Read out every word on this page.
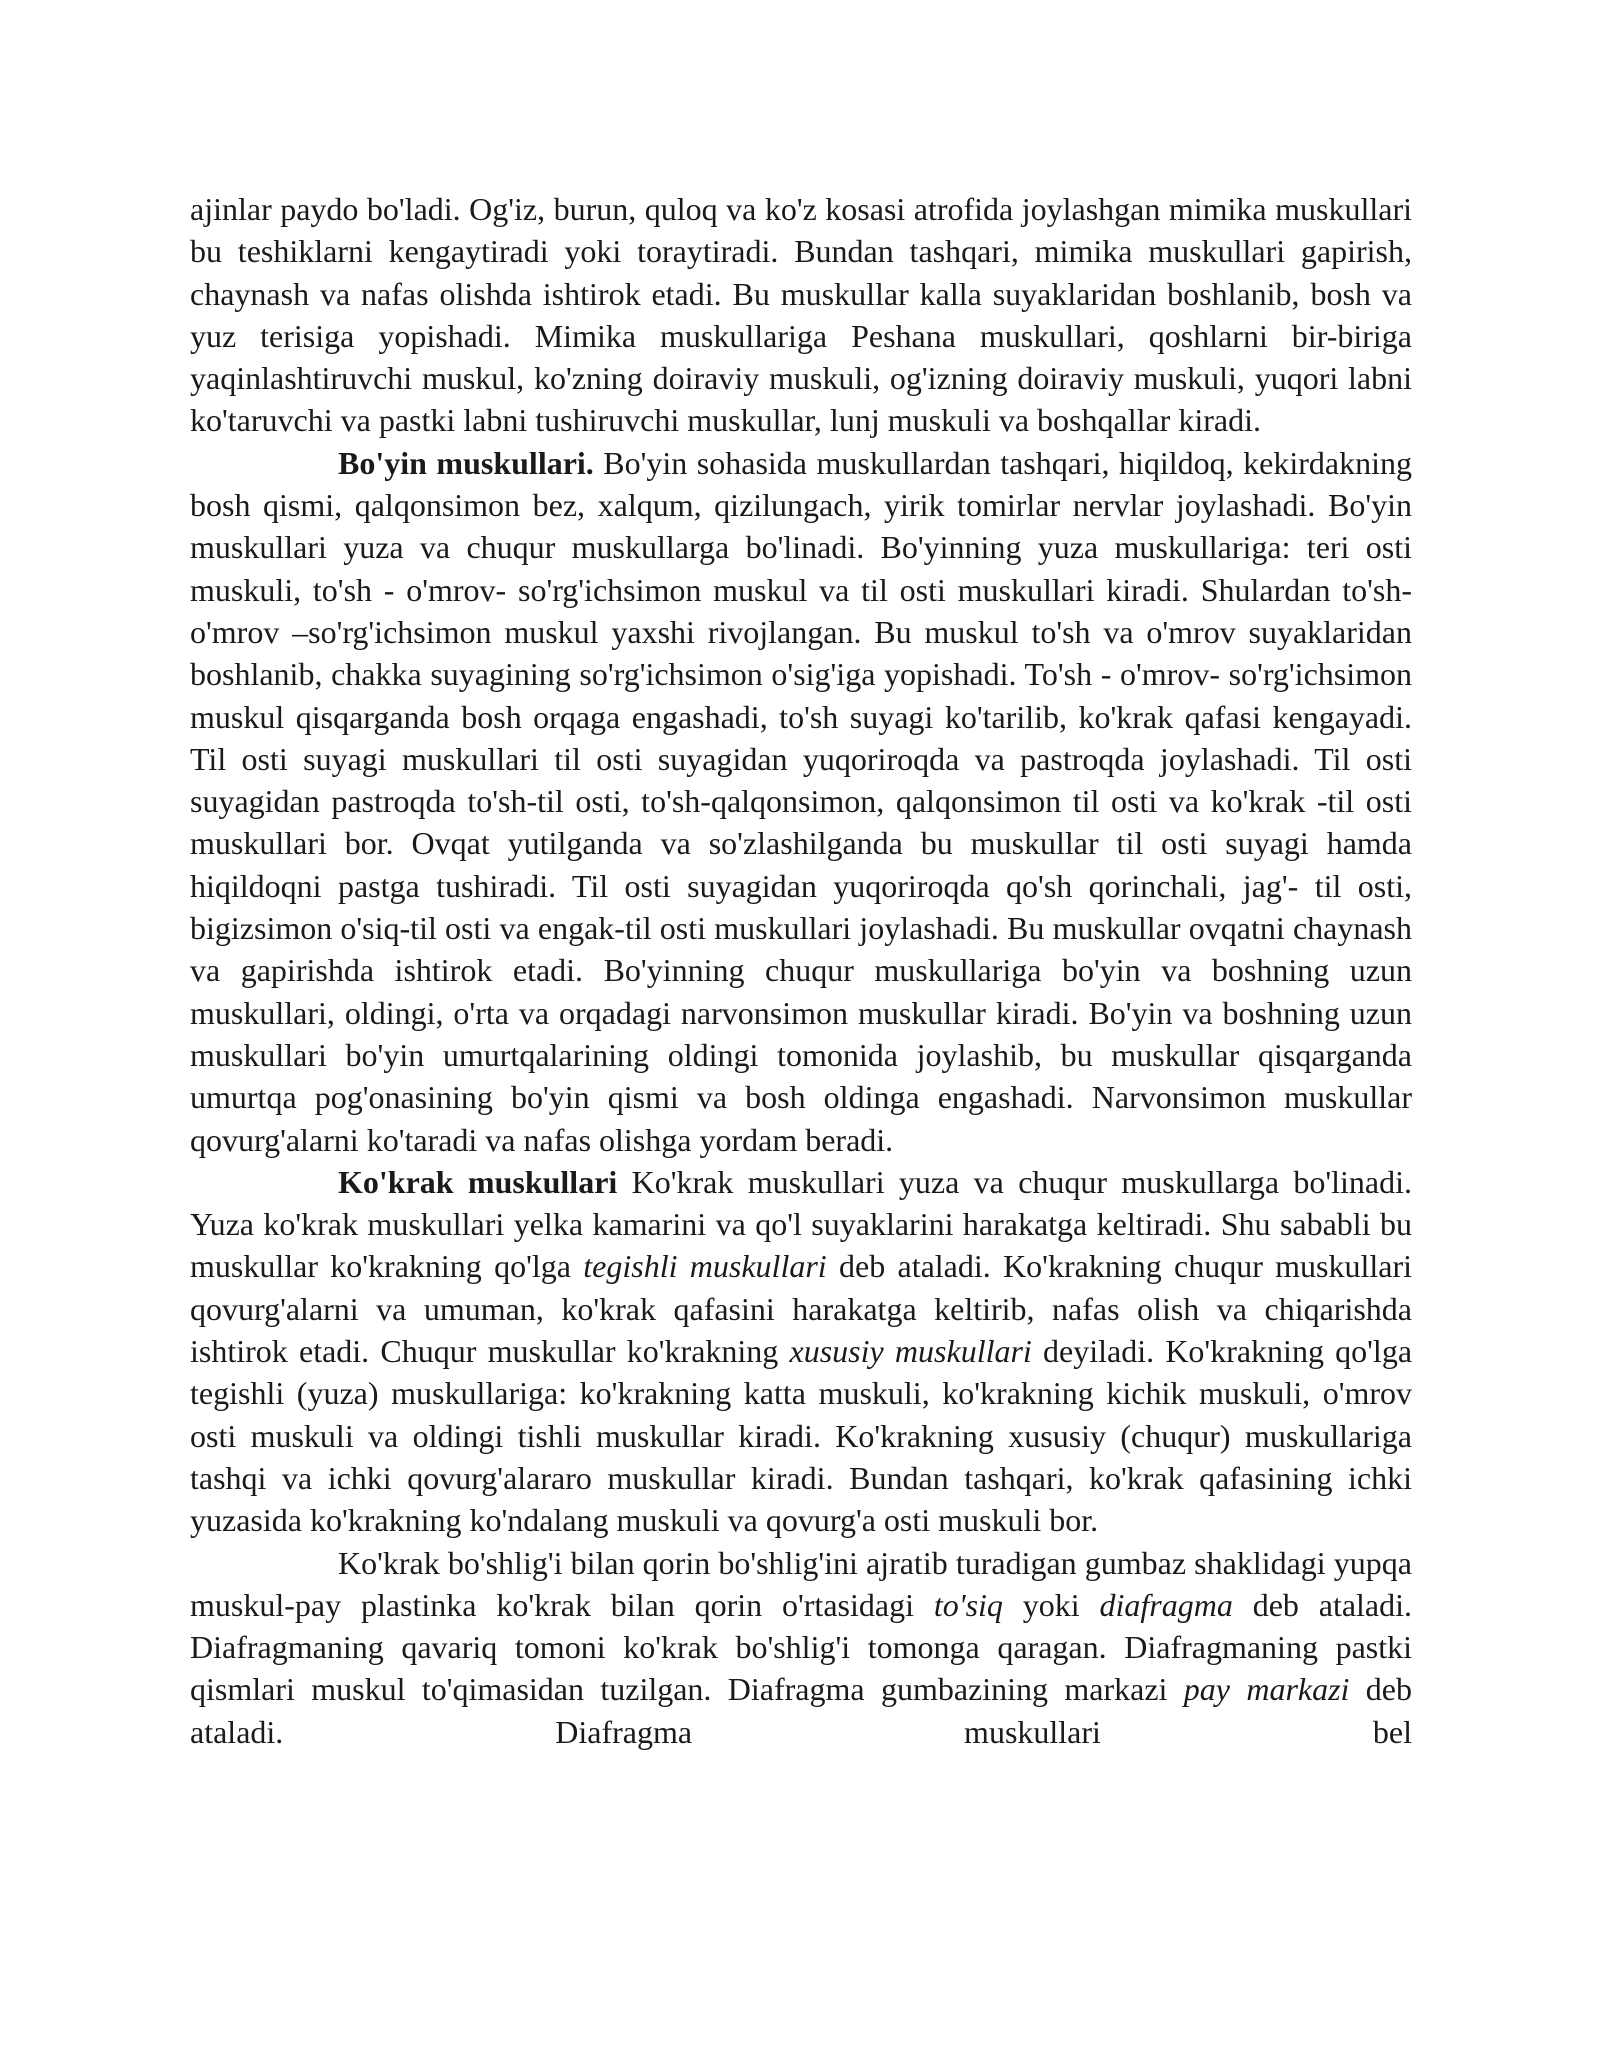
ajinlar paydo bo'ladi. Og'iz, burun, quloq va ko'z kosasi atrofida joylashgan mimika muskullari bu teshiklarni kengaytiradi yoki toraytiradi. Bundan tashqari, mimika muskullari gapirish, chaynash va nafas olishda ishtirok etadi. Bu muskullar kalla suyaklaridan boshlanib, bosh va yuz terisiga yopishadi. Mimika muskullariga Peshana muskullari, qoshlarni bir-biriga yaqinlashtiruvchi muskul, ko'zning doiraviy muskuli, og'izning doiraviy muskuli, yuqori labni ko'taruvchi va pastki labni tushiruvchi muskullar, lunj muskuli va boshqallar kiradi.

Bo'yin muskullari. Bo'yin sohasida muskullardan tashqari, hiqildoq, kekirdakning bosh qismi, qalqonsimon bez, xalqum, qizilungach, yirik tomirlar nervlar joylashadi. Bo'yin muskullari yuza va chuqur muskullarga bo'linadi. Bo'yinning yuza muskullariga: teri osti muskuli, to'sh - o'mrov- so'rg'ichsimon muskul va til osti muskullari kiradi. Shulardan to'sh- o'mrov –so'rg'ichsimon muskul yaxshi rivojlangan. Bu muskul to'sh va o'mrov suyaklaridan boshlanib, chakka suyagining so'rg'ichsimon o'sig'iga yopishadi. To'sh - o'mrov- so'rg'ichsimon muskul qisqarganda bosh orqaga engashadi, to'sh suyagi ko'tarilib, ko'krak qafasi kengayadi. Til osti suyagi muskullari til osti suyagidan yuqoriroqda va pastroqda joylashadi. Til osti suyagidan pastroqda to'sh-til osti, to'sh-qalqonsimon, qalqonsimon til osti va ko'krak -til osti muskullari bor. Ovqat yutilganda va so'zlashilganda bu muskullar til osti suyagi hamda hiqildoqni pastga tushiradi. Til osti suyagidan yuqoriroqda qo'sh qorinchali, jag'- til osti, bigizsimon o'siq-til osti va engak-til osti muskullari joylashadi. Bu muskullar ovqatni chaynash va gapirishda ishtirok etadi. Bo'yinning chuqur muskullariga bo'yin va boshning uzun muskullari, oldingi, o'rta va orqadagi narvonsimon muskullar kiradi. Bo'yin va boshning uzun muskullari bo'yin umurtqalarining oldingi tomonida joylashib, bu muskullar qisqarganda umurtqa pog'onasining bo'yin qismi va bosh oldinga engashadi. Narvonsimon muskullar qovurg'alarni ko'taradi va nafas olishga yordam beradi.

Ko'krak muskullari Ko'krak muskullari yuza va chuqur muskullarga bo'linadi. Yuza ko'krak muskullari yelka kamarini va qo'l suyaklarini harakatga keltiradi. Shu sababli bu muskullar ko'krakning qo'lga tegishli muskullari deb ataladi. Ko'krakning chuqur muskullari qovurg'alarni va umuman, ko'krak qafasini harakatga keltirib, nafas olish va chiqarishda ishtirok etadi. Chuqur muskullar ko'krakning xususiy muskullari deyiladi. Ko'krakning qo'lga tegishli (yuza) muskullariga: ko'krakning katta muskuli, ko'krakning kichik muskuli, o'mrov osti muskuli va oldingi tishli muskullar kiradi. Ko'krakning xususiy (chuqur) muskullariga tashqi va ichki qovurg'alararo muskullar kiradi. Bundan tashqari, ko'krak qafasining ichki yuzasida ko'krakning ko'ndalang muskuli va qovurg'a osti muskuli bor.

Ko'krak bo'shlig'i bilan qorin bo'shlig'ini ajratib turadigan gumbaz shaklidagi yupqa muskul-pay plastinka ko'krak bilan qorin o'rtasidagi to'siq yoki diafragma deb ataladi. Diafragmaning qavariq tomoni ko'krak bo'shlig'i tomonga qaragan. Diafragmaning pastki qismlari muskul to'qimasidan tuzilgan. Diafragma gumbazining markazi pay markazi deb ataladi. Diafragma muskullari bel
